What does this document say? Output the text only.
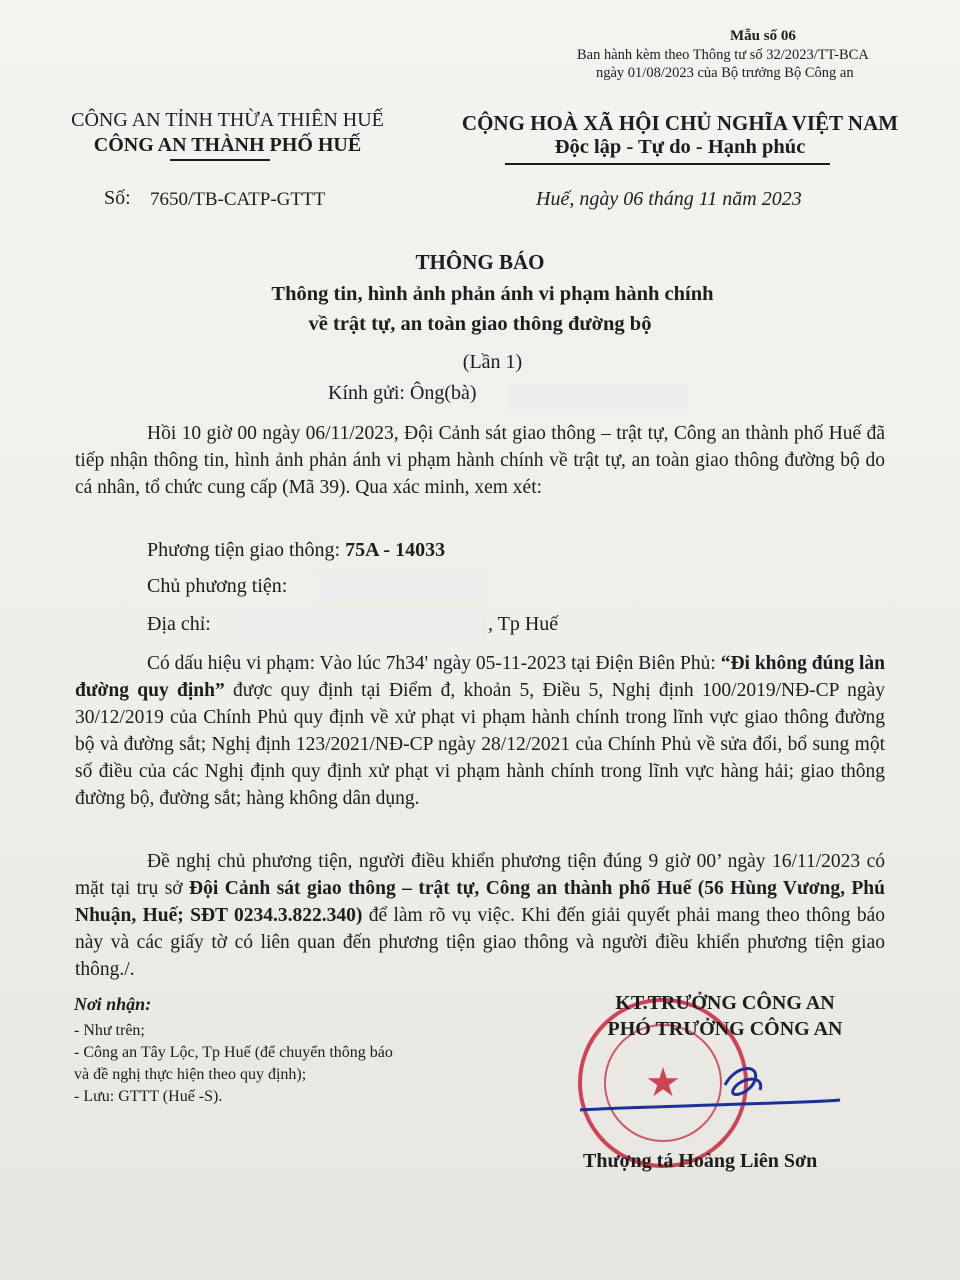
Mẫu số 06
Ban hành kèm theo Thông tư số 32/2023/TT-BCA
ngày 01/08/2023 của Bộ trưởng Bộ Công an
CÔNG AN TỈNH THỪA THIÊN HUẾ
CÔNG AN THÀNH PHỐ HUẾ
CỘNG HOÀ XÃ HỘI CHỦ NGHĨA VIỆT NAM
Độc lập - Tự do - Hạnh phúc
Số: 7650/TB-CATP-GTTT	Huế, ngày 06 tháng 11 năm 2023
THÔNG BÁO
Thông tin, hình ảnh phản ánh vi phạm hành chính
về trật tự, an toàn giao thông đường bộ
(Lần 1)
Kính gửi: Ông(bà)
Hồi 10 giờ 00 ngày 06/11/2023, Đội Cảnh sát giao thông – trật tự, Công an thành phố Huế đã tiếp nhận thông tin, hình ảnh phản ánh vi phạm hành chính về trật tự, an toàn giao thông đường bộ do cá nhân, tổ chức cung cấp (Mã 39). Qua xác minh, xem xét:
Phương tiện giao thông: 75A - 14033
Chủ phương tiện:
Địa chỉ:	, Tp Huế
Có dấu hiệu vi phạm: Vào lúc 7h34' ngày 05-11-2023 tại Điện Biên Phủ: “Đi không đúng làn đường quy định” được quy định tại Điểm đ, khoản 5, Điều 5, Nghị định 100/2019/NĐ-CP ngày 30/12/2019 của Chính Phủ quy định về xử phạt vi phạm hành chính trong lĩnh vực giao thông đường bộ và đường sắt; Nghị định 123/2021/NĐ-CP ngày 28/12/2021 của Chính Phủ về sửa đổi, bổ sung một số điều của các Nghị định quy định xử phạt vi phạm hành chính trong lĩnh vực hàng hải; giao thông đường bộ, đường sắt; hàng không dân dụng.
Đề nghị chủ phương tiện, người điều khiển phương tiện đúng 9 giờ 00’ ngày 16/11/2023 có mặt tại trụ sở Đội Cảnh sát giao thông – trật tự, Công an thành phố Huế (56 Hùng Vương, Phú Nhuận, Huế; SĐT 0234.3.822.340) để làm rõ vụ việc. Khi đến giải quyết phải mang theo thông báo này và các giấy tờ có liên quan đến phương tiện giao thông và người điều khiển phương tiện giao thông./.
Nơi nhận:
- Như trên;
- Công an Tây Lộc, Tp Huế (để chuyển thông báo
và đề nghị thực hiện theo quy định);
- Lưu: GTTT (Huế -S).	★
KT.TRƯỞNG CÔNG AN
PHÓ TRƯỞNG CÔNG AN
Thượng tá Hoàng Liên Sơn
